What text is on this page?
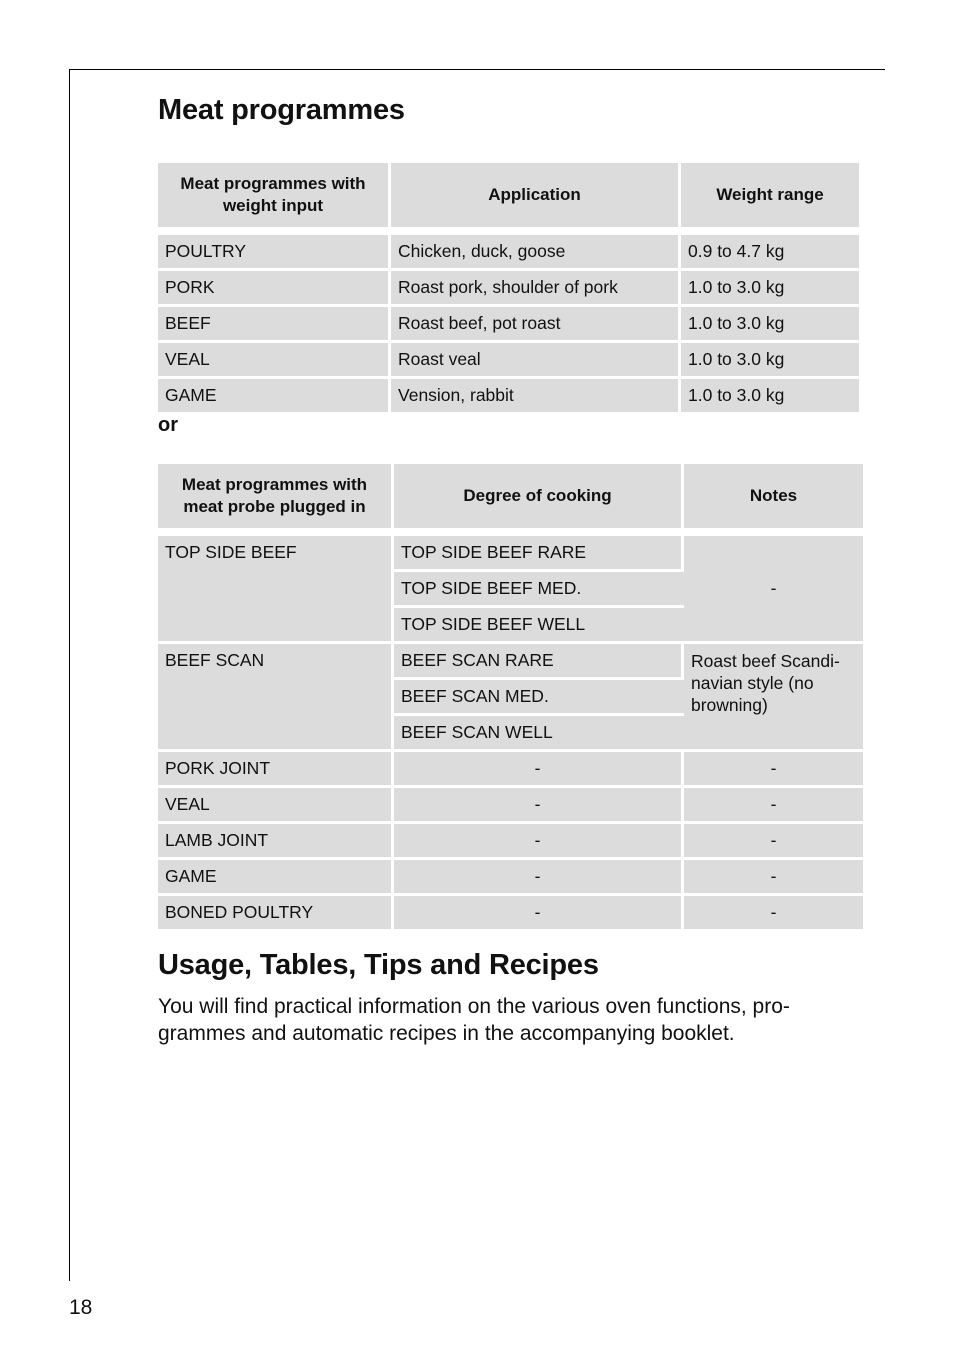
Meat programmes
Meat programmes with weight input	Application	Weight range
POULTRY	Chicken, duck, goose	0.9 to 4.7 kg
PORK	Roast pork, shoulder of pork	1.0 to 3.0 kg
BEEF	Roast beef, pot roast	1.0 to 3.0 kg
VEAL	Roast veal	1.0 to 3.0 kg
GAME	Vension, rabbit	1.0 to 3.0 kg
or
Meat programmes with meat probe plugged in	Degree of cooking	Notes
TOP SIDE BEEF	TOP SIDE BEEF RARE	-
	TOP SIDE BEEF MED.	
	TOP SIDE BEEF WELL	
BEEF SCAN	BEEF SCAN RARE	Roast beef Scandi-navian style (no browning)
	BEEF SCAN MED.	
	BEEF SCAN WELL	
PORK JOINT	-	-
VEAL	-	-
LAMB JOINT	-	-
GAME	-	-
BONED POULTRY	-	-
Usage, Tables, Tips and Recipes

You will find practical information on the various oven functions, pro-grammes and automatic recipes in the accompanying booklet.

18
